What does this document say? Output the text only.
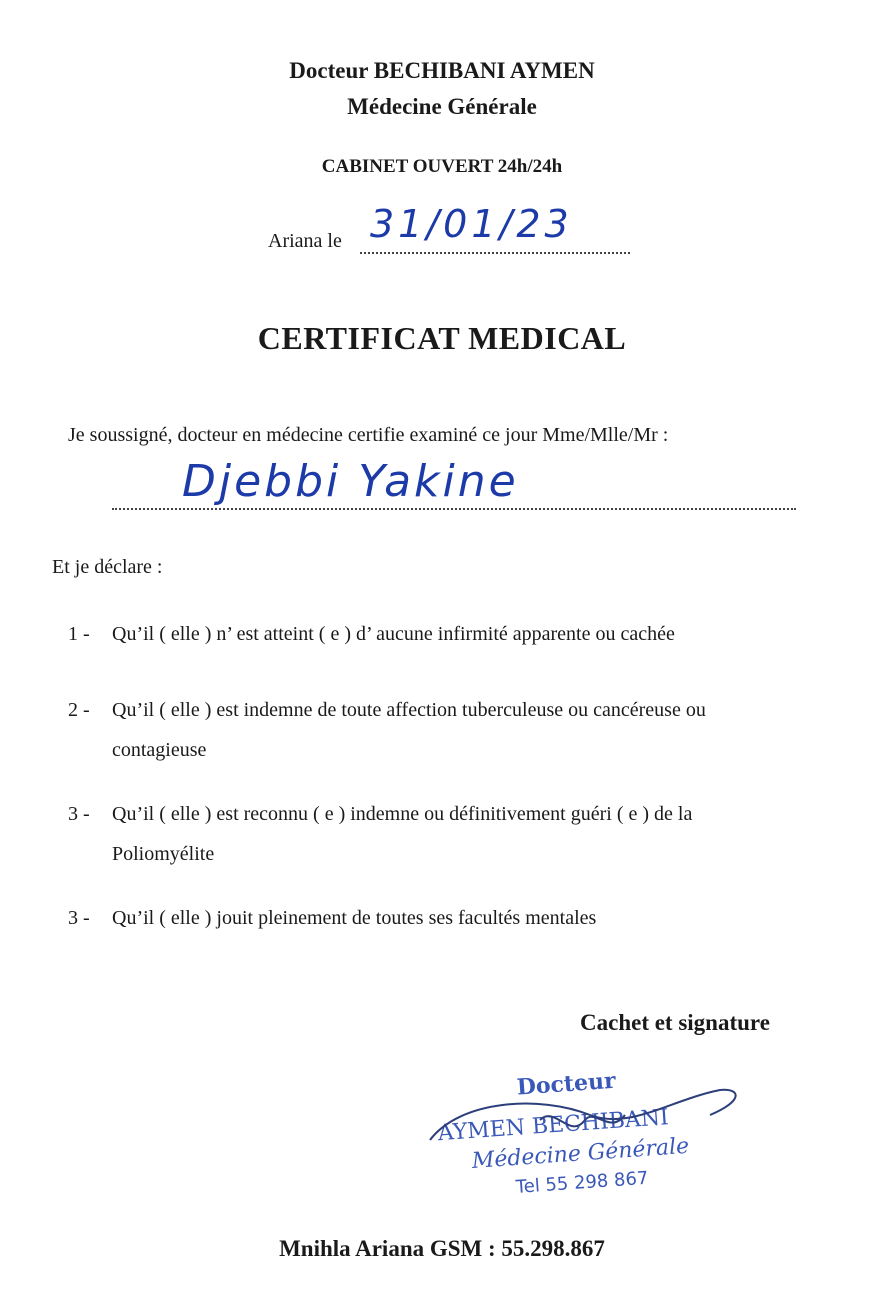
Docteur BECHIBANI AYMEN
Médecine Générale
CABINET OUVERT 24h/24h
Ariana le 31/01/23
CERTIFICAT MEDICAL
Je soussigné, docteur en médecine certifie examiné ce jour Mme/Mlle/Mr :
Djebbi Yakine
Et je déclare :
1 - Qu’il ( elle ) n’ est atteint ( e ) d’ aucune infirmité apparente ou cachée
2 - Qu’il ( elle ) est indemne de toute affection tuberculeuse ou cancéreuse ou
contagieuse
3 - Qu’il ( elle ) est reconnu ( e ) indemne ou définitivement guéri ( e ) de la
Poliomyélite
3 - Qu’il ( elle ) jouit pleinement de toutes ses facultés mentales
Cachet et signature
Docteur
AYMEN BECHIBANI
Médecine Générale
Tel 55 298 867
Mnihla Ariana GSM : 55.298.867
